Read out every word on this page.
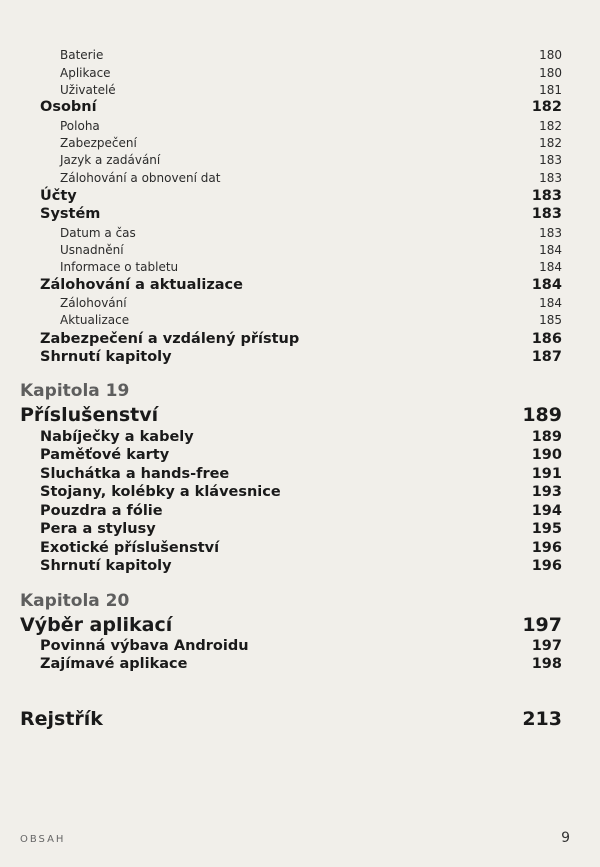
Baterie	180
Aplikace	180
Uživatelé	181
Osobní	182
Poloha	182
Zabezpečení	182
Jazyk a zadávání	183
Zálohování a obnovení dat	183
Účty	183
Systém	183
Datum a čas	183
Usnadnění	184
Informace o tabletu	184
Zálohování a aktualizace	184
Zálohování	184
Aktualizace	185
Zabezpečení a vzdálený přístup	186
Shrnutí kapitoly	187
Kapitola 19
Příslušenství	189
Nabíječky a kabely	189
Paměťové karty	190
Sluchátka a hands-free	191
Stojany, kolébky a klávesnice	193
Pouzdra a fólie	194
Pera a stylusy	195
Exotické příslušenství	196
Shrnutí kapitoly	196
Kapitola 20
Výběr aplikací	197
Povinná výbava Androidu	197
Zajímavé aplikace	198
Rejstřík	213
OBSAH	9
